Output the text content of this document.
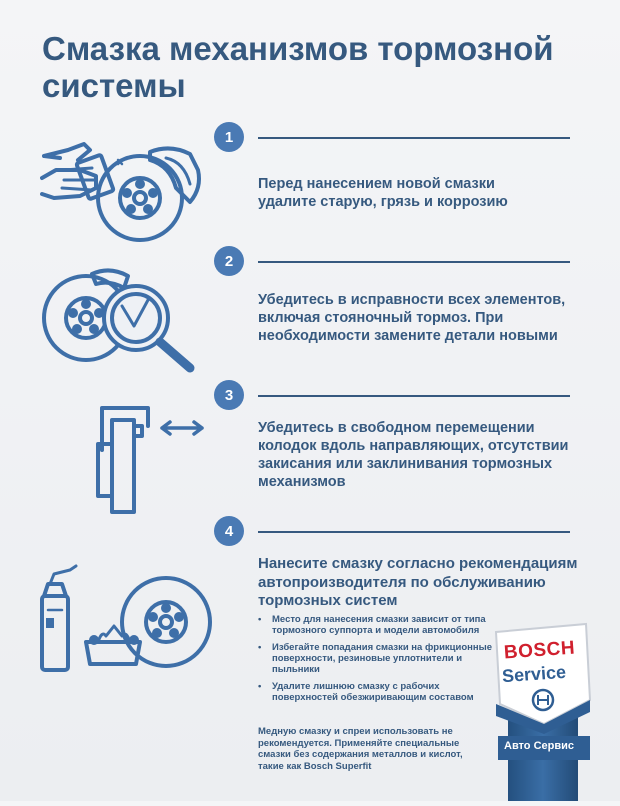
Смазка механизмов тормозной системы
1
Перед нанесением новой смазки удалите старую, грязь и коррозию
2
Убедитесь в исправности всех элементов, включая стояночный тормоз. При необходимости замените детали новыми
3
Убедитесь в свободном перемещении колодок вдоль направляющих, отсутствии закисания или заклинивания тормозных механизмов
4
Нанесите смазку согласно рекомендациям автопроизводителя по обслуживанию тормозных систем
• Место для нанесения смазки зависит от типа тормозного суппорта и модели автомобиля
• Избегайте попадания смазки на фрикционные поверхности, резиновые уплотнители и пыльники
• Удалите лишнюю смазку с рабочих поверхностей обезжиривающим составом
Медную смазку и спреи использовать не рекомендуется. Применяйте специальные смазки без содержания металлов и кислот, такие как Bosch Superfit
BOSCH
Service
Авто Сервис
